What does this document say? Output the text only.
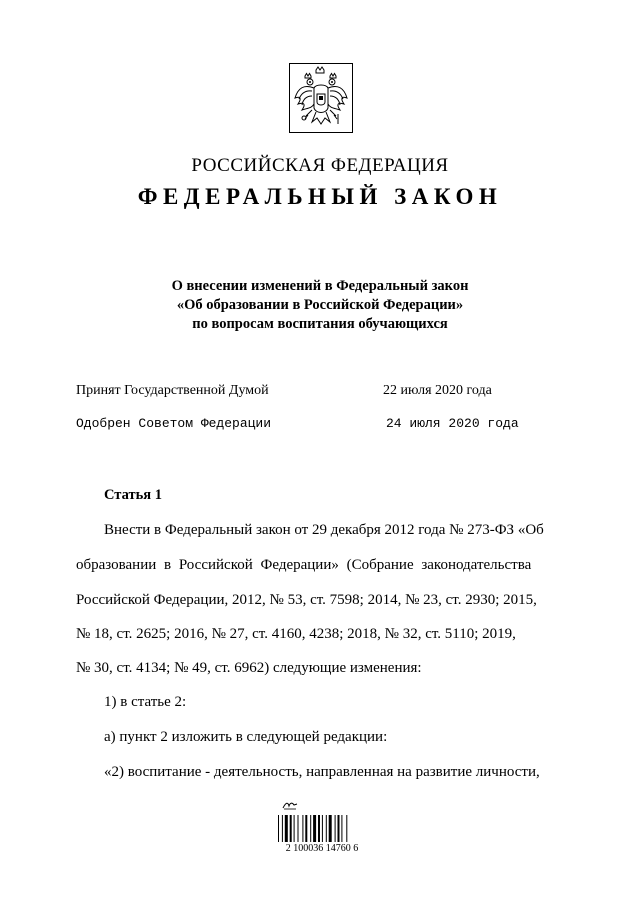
РОССИЙСКАЯ ФЕДЕРАЦИЯ
ФЕДЕРАЛЬНЫЙ ЗАКОН
О внесении изменений в Федеральный закон
«Об образовании в Российской Федерации»
по вопросам воспитания обучающихся
Принят Государственной Думой	22 июля 2020 года
Одобрен Советом Федерации	24 июля 2020 года
Статья 1
Внести в Федеральный закон от 29 декабря 2012 года № 273-ФЗ «Об
образовании в Российской Федерации» (Собрание законодательства
Российской Федерации, 2012, № 53, ст. 7598; 2014, № 23, ст. 2930; 2015,
№ 18, ст. 2625; 2016, № 27, ст. 4160, 4238; 2018, № 32, ст. 5110; 2019,
№ 30, ст. 4134; № 49, ст. 6962) следующие изменения:
1) в статье 2:
а) пункт 2 изложить в следующей редакции:
«2) воспитание - деятельность, направленная на развитие личности,
2 100036 14760 6
